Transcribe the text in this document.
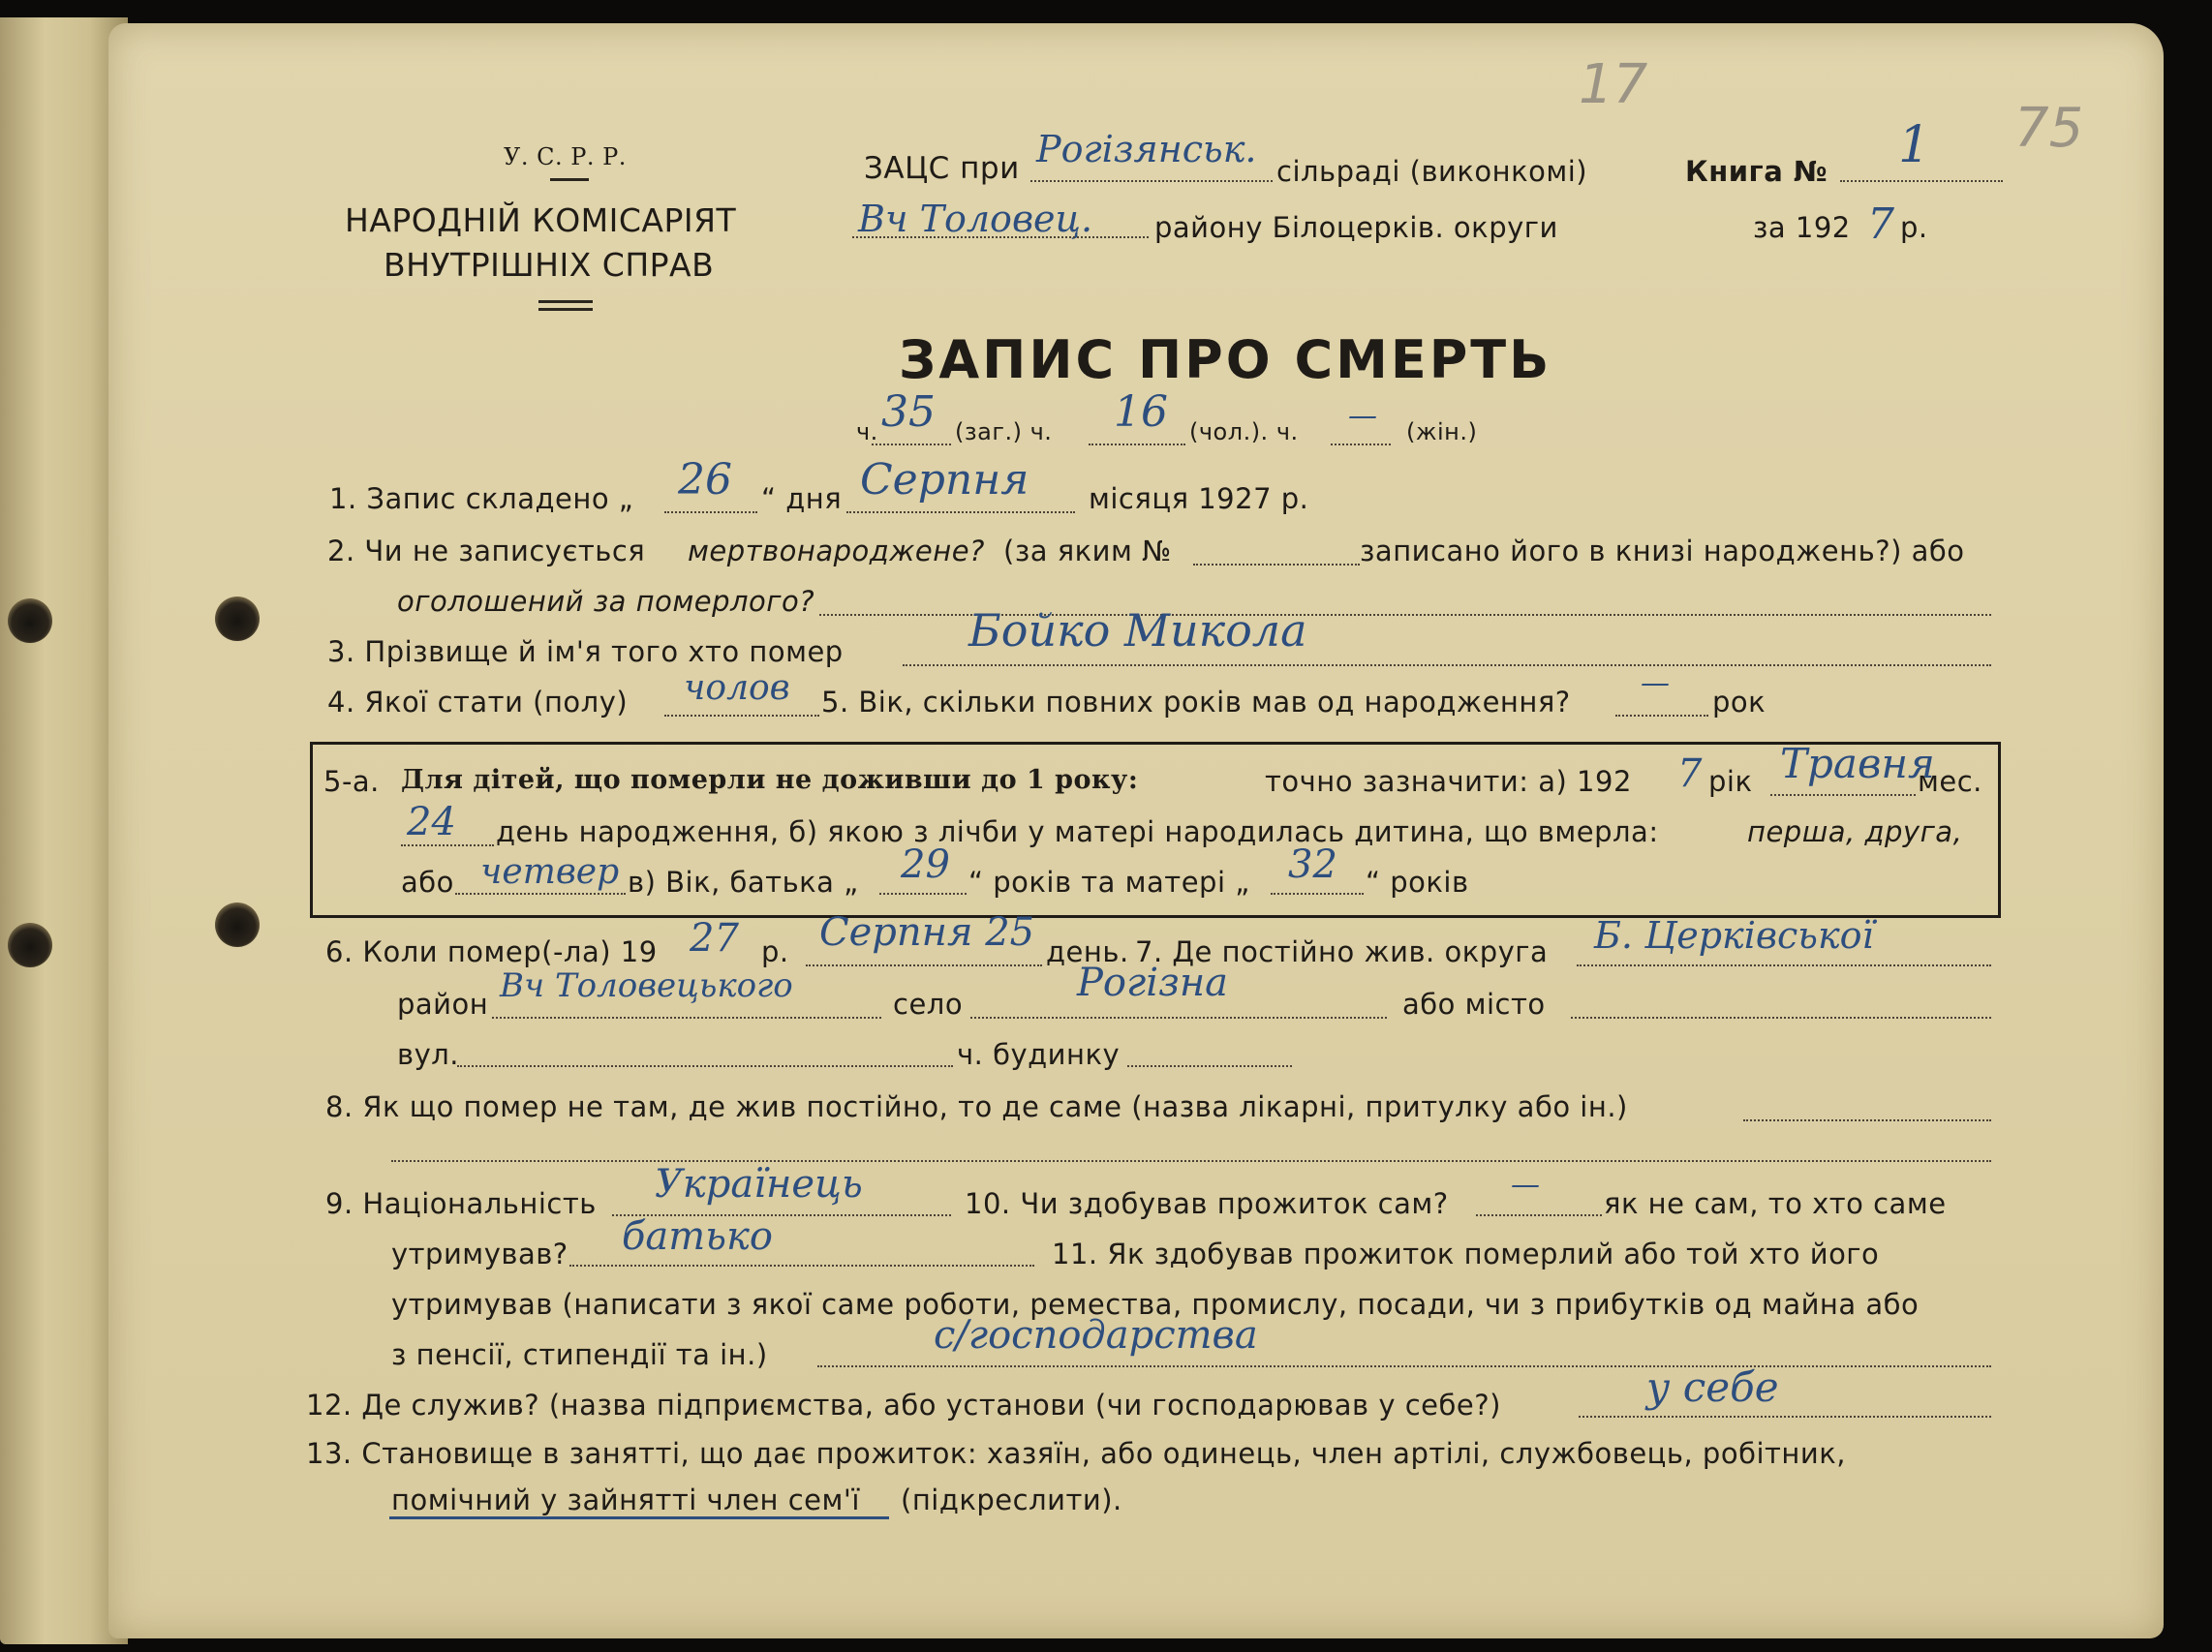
17
75
У. С. Р. Р.
НАРОДНІЙ КОМІСАРІЯТ
ВНУТРІШНІХ СПРАВ
ЗАЦС при Рогізянськ.
сільраді (виконкомі)
Вч Толовец. району Білоцерків. округи
Книга № 1
за 192 7 р.
ЗАПИС ПРО СМЕРТЬ
ч. 35 (заг.) ч. 16 (чол.). ч. — (жін.)
1. Запис складено „ 26 “ дня Серпня місяця 1927 р.
2. Чи не записується мертвонароджене? (за яким №	записано його в книзі народжень?) або
оголошений за померлого?
3. Прізвище й ім'я того хто помер	Бойко Микола
4. Якої стати (полу) чолов 5. Вік, скільки повних років мав од народження?
—
рок
5-а. Для дітей, що померли не доживши до 1 року:	точно зазначити: а) 192 7 рік Травня
мес.
24 день народження, б) якою з лічби у матері народилась дитина, що вмерла:	перша, друга,
або четвер в) Вік, батька „ 29 “ років та матері „ 32 “ років
6. Коли помер(-ла) 19 27 р. Серпня 25 день. 7. Де постійно жив. округа Б. Церківської
район Вч Толовецького	село	Рогізна	або місто
вул.	ч. будинку
8. Як що помер не там, де жив постійно, то де саме (назва лікарні, притулку або ін.)
9. Національність Українець	10. Чи здобував прожиток сам?
—
як не сам, то хто саме
утримував? батько	11. Як здобував прожиток померлий або той хто його
утримував (написати з якої саме роботи, ремества, промислу, посади, чи з прибутків од майна або
з пенсії, стипендії та ін.)	с/господарства
12. Де служив? (назва підприємства, або установи (чи господарював у себе?)	у себе
13. Становище в занятті, що дає прожиток: хазяїн, або одинець, член артілі, службовець, робітник,
помічний у зайнятті член сем'ї (підкреслити).
